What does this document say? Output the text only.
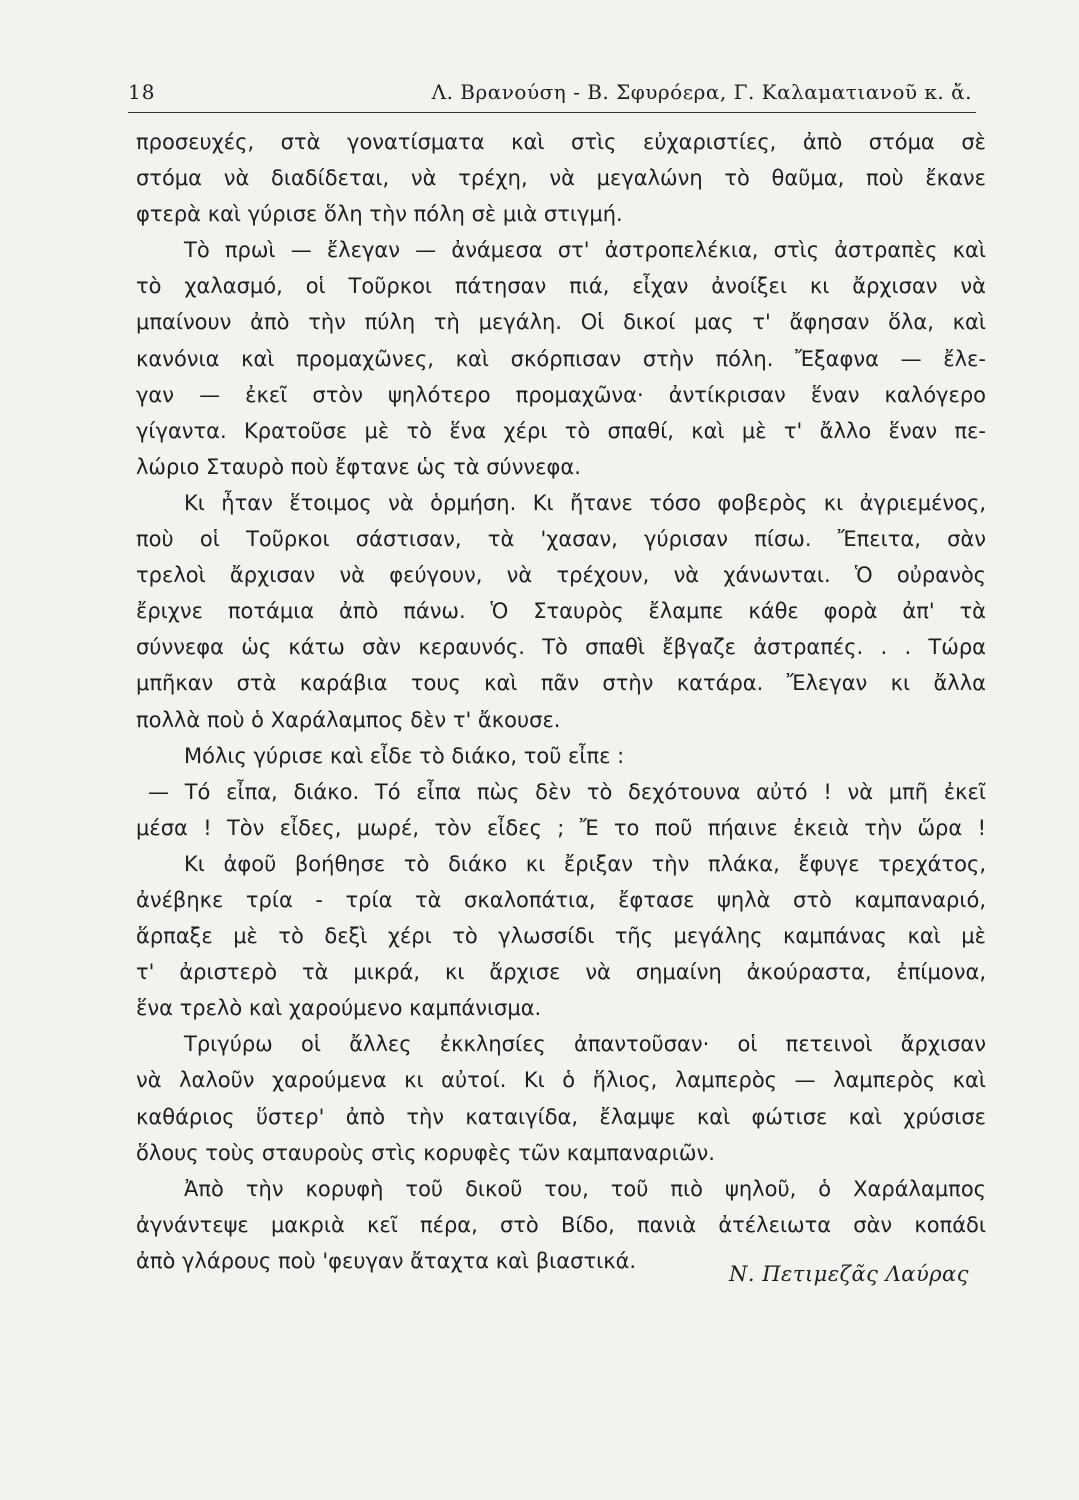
18	Λ. Βρανούση - Β. Σφυρόερα, Γ. Καλαματιανοῦ κ. ἄ.
προσευχές, στὰ γονατίσματα καὶ στὶς εὐχαριστίες, ἀπὸ στόμα σὲ
στόμα νὰ διαδίδεται, νὰ τρέχη, νὰ μεγαλώνη τὸ θαῦμα, ποὺ ἔκανε
φτερὰ καὶ γύρισε ὅλη τὴν πόλη σὲ μιὰ στιγμή.
Τὸ πρωὶ — ἔλεγαν — ἀνάμεσα στ' ἀστροπελέκια, στὶς ἀστραπὲς καὶ
τὸ χαλασμό, οἱ Τοῦρκοι πάτησαν πιά, εἶχαν ἀνοίξει κι ἄρχισαν νὰ
μπαίνουν ἀπὸ τὴν πύλη τὴ μεγάλη. Οἱ δικοί μας τ' ἄφησαν ὅλα, καὶ
κανόνια καὶ προμαχῶνες, καὶ σκόρπισαν στὴν πόλη. Ἔξαφνα — ἔλε-
γαν — ἐκεῖ στὸν ψηλότερο προμαχῶνα· ἀντίκρισαν ἕναν καλόγερο
γίγαντα. Κρατοῦσε μὲ τὸ ἕνα χέρι τὸ σπαθί, καὶ μὲ τ' ἄλλο ἕναν πε-
λώριο Σταυρὸ ποὺ ἔφτανε ὡς τὰ σύννεφα.
Κι ἦταν ἕτοιμος νὰ ὁρμήση. Κι ἤτανε τόσο φοβερὸς κι ἀγριεμένος,
ποὺ οἱ Τοῦρκοι σάστισαν, τὰ 'χασαν, γύρισαν πίσω. Ἔπειτα, σὰν
τρελοὶ ἄρχισαν νὰ φεύγουν, νὰ τρέχουν, νὰ χάνωνται. Ὁ οὐρανὸς
ἔριχνε ποτάμια ἀπὸ πάνω. Ὁ Σταυρὸς ἔλαμπε κάθε φορὰ ἀπ' τὰ
σύννεφα ὡς κάτω σὰν κεραυνός. Τὸ σπαθὶ ἔβγαζε ἀστραπές. . . Τώρα
μπῆκαν στὰ καράβια τους καὶ πᾶν στὴν κατάρα. Ἔλεγαν κι ἄλλα
πολλὰ ποὺ ὁ Χαράλαμπος δὲν τ' ἄκουσε.
Μόλις γύρισε καὶ εἶδε τὸ διάκο, τοῦ εἶπε :
— Τό εἶπα, διάκο. Τό εἶπα πὼς δὲν τὸ δεχότουνα αὐτό ! νὰ μπῆ ἐκεῖ
μέσα ! Τὸν εἶδες, μωρέ, τὸν εἶδες ; Ἔ το ποῦ πήαινε ἐκειὰ τὴν ὥρα !
Κι ἀφοῦ βοήθησε τὸ διάκο κι ἔριξαν τὴν πλάκα, ἔφυγε τρεχάτος,
ἀνέβηκε τρία - τρία τὰ σκαλοπάτια, ἔφτασε ψηλὰ στὸ καμπαναριό,
ἅρπαξε μὲ τὸ δεξὶ χέρι τὸ γλωσσίδι τῆς μεγάλης καμπάνας καὶ μὲ
τ' ἀριστερὸ τὰ μικρά, κι ἄρχισε νὰ σημαίνη ἀκούραστα, ἐπίμονα,
ἕνα τρελὸ καὶ χαρούμενο καμπάνισμα.
Τριγύρω οἱ ἄλλες ἐκκλησίες ἀπαντοῦσαν· οἱ πετεινοὶ ἄρχισαν
νὰ λαλοῦν χαρούμενα κι αὐτοί. Κι ὁ ἥλιος, λαμπερὸς — λαμπερὸς καὶ
καθάριος ὕστερ' ἀπὸ τὴν καταιγίδα, ἔλαμψε καὶ φώτισε καὶ χρύσισε
ὅλους τοὺς σταυροὺς στὶς κορυφὲς τῶν καμπαναριῶν.
Ἀπὸ τὴν κορυφὴ τοῦ δικοῦ του, τοῦ πιὸ ψηλοῦ, ὁ Χαράλαμπος
ἀγνάντεψε μακριὰ κεῖ πέρα, στὸ Βίδο, πανιὰ ἀτέλειωτα σὰν κοπάδι
ἀπὸ γλάρους ποὺ 'φευγαν ἄταχτα καὶ βιαστικά.
Ν. Πετιμεζᾶς Λαύρας
